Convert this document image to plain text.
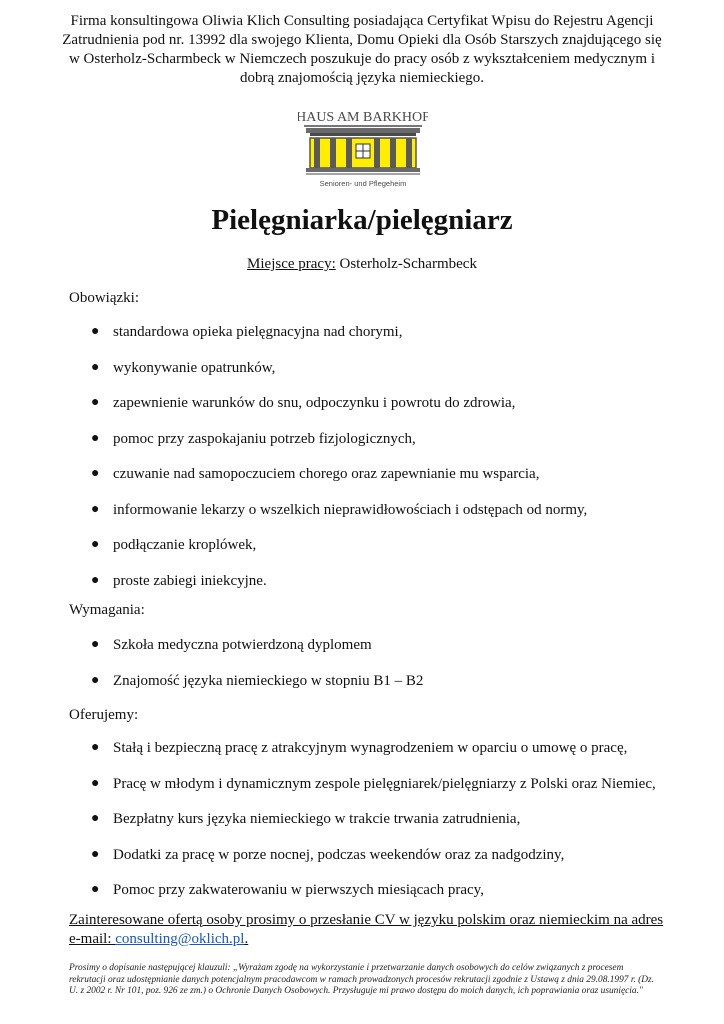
Firma konsultingowa Oliwia Klich Consulting posiadająca Certyfikat Wpisu do Rejestru Agencji Zatrudnienia pod nr. 13992 dla swojego Klienta, Domu Opieki dla Osób Starszych znajdującego się w Osterholz-Scharmbeck w Niemczech poszukuje do pracy osób z wykształceniem medycznym i dobrą znajomością języka niemieckiego.
HAUS AM BARKHOF
Senioren- und Pflegeheim
Pielęgniarka/pielęgniarz
Miejsce pracy: Osterholz-Scharmbeck
Obowiązki:
● standardowa opieka pielęgnacyjna nad chorymi,
● wykonywanie opatrunków,
● zapewnienie warunków do snu, odpoczynku i powrotu do zdrowia,
● pomoc przy zaspokajaniu potrzeb fizjologicznych,
● czuwanie nad samopoczuciem chorego oraz zapewnianie mu wsparcia,
● informowanie lekarzy o wszelkich nieprawidłowościach i odstępach od normy,
● podłączanie kroplówek,
● proste zabiegi iniekcyjne.
Wymagania:
● Szkoła medyczna potwierdzoną dyplomem
● Znajomość języka niemieckiego w stopniu B1 – B2
Oferujemy:
● Stałą i bezpieczną pracę z atrakcyjnym wynagrodzeniem w oparciu o umowę o pracę,
● Pracę w młodym i dynamicznym zespole pielęgniarek/pielęgniarzy z Polski oraz Niemiec,
● Bezpłatny kurs języka niemieckiego w trakcie trwania zatrudnienia,
● Dodatki za pracę w porze nocnej, podczas weekendów oraz za nadgodziny,
● Pomoc przy zakwaterowaniu w pierwszych miesiącach pracy,
Zainteresowane ofertą osoby prosimy o przesłanie CV w języku polskim oraz niemieckim na adres e-mail: consulting@oklich.pl.
Prosimy o dopisanie następującej klauzuli: „Wyrażam zgodę na wykorzystanie i przetwarzanie danych osobowych do celów związanych z procesem rekrutacji oraz udostępnianie danych potencjalnym pracodawcom w ramach prowadzonych procesów rekrutacji zgodnie z Ustawą z dnia 29.08.1997 r. (Dz. U. z 2002 r. Nr 101, poz. 926 ze zm.) o Ochronie Danych Osobowych. Przysługuje mi prawo dostępu do moich danych, ich poprawiania oraz usunięcia."
